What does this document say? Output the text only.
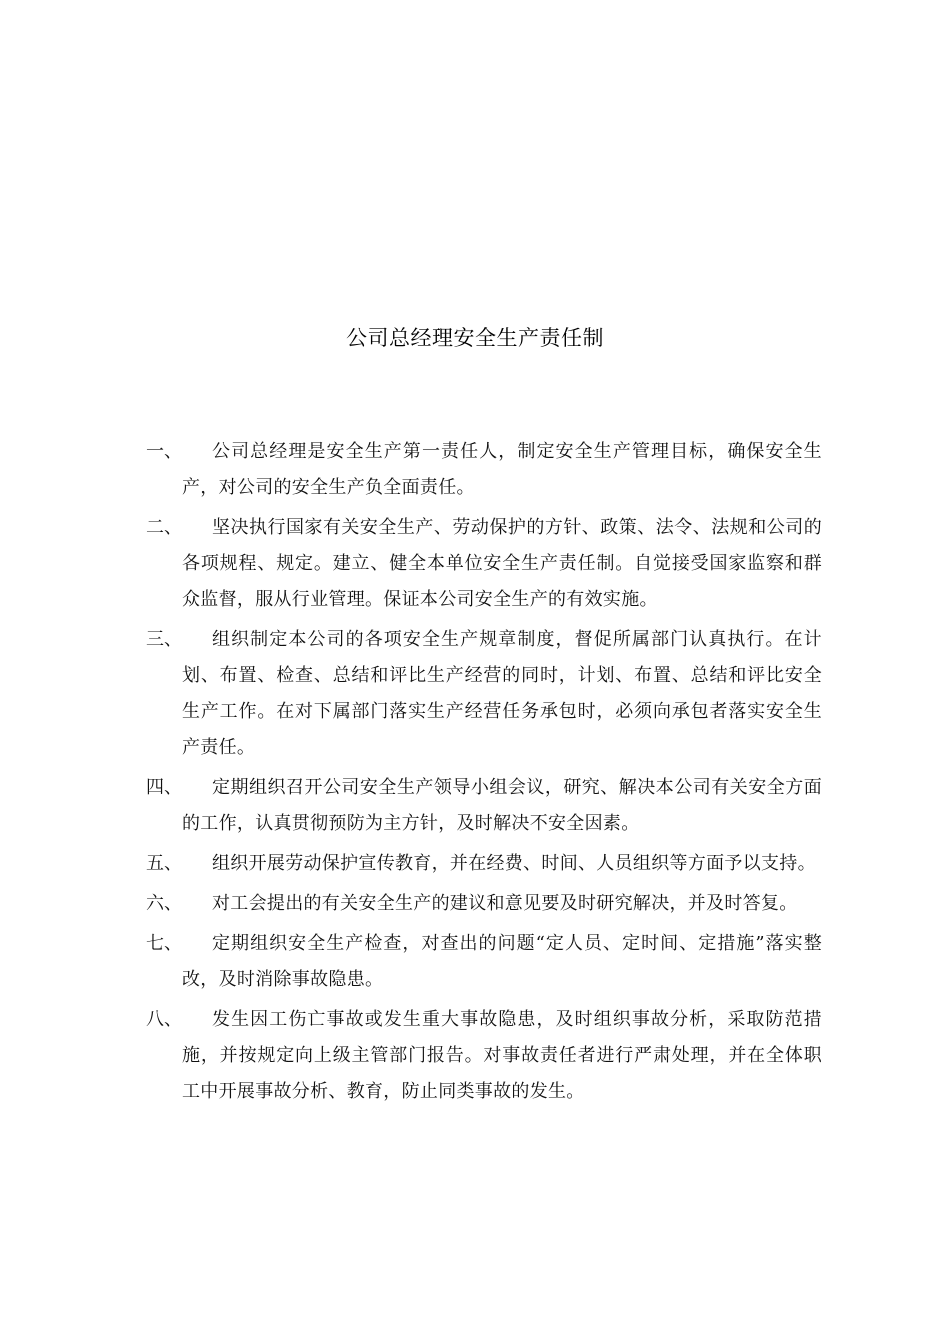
公司总经理安全生产责任制
一、	公司总经理是安全生产第一责任人，制定安全生产管理目标，确保安全生产，对公司的安全生产负全面责任。
二、	坚决执行国家有关安全生产、劳动保护的方针、政策、法令、法规和公司的各项规程、规定。建立、健全本单位安全生产责任制。自觉接受国家监察和群众监督，服从行业管理。保证本公司安全生产的有效实施。
三、	组织制定本公司的各项安全生产规章制度，督促所属部门认真执行。在计划、布置、检查、总结和评比生产经营的同时，计划、布置、总结和评比安全生产工作。在对下属部门落实生产经营任务承包时，必须向承包者落实安全生产责任。
四、	定期组织召开公司安全生产领导小组会议，研究、解决本公司有关安全方面的工作，认真贯彻预防为主方针，及时解决不安全因素。
五、	组织开展劳动保护宣传教育，并在经费、时间、人员组织等方面予以支持。
六、	对工会提出的有关安全生产的建议和意见要及时研究解决，并及时答复。
七、	定期组织安全生产检查，对查出的问题“定人员、定时间、定措施”落实整改，及时消除事故隐患。
八、	发生因工伤亡事故或发生重大事故隐患，及时组织事故分析，采取防范措施，并按规定向上级主管部门报告。对事故责任者进行严肃处理，并在全体职工中开展事故分析、教育，防止同类事故的发生。
